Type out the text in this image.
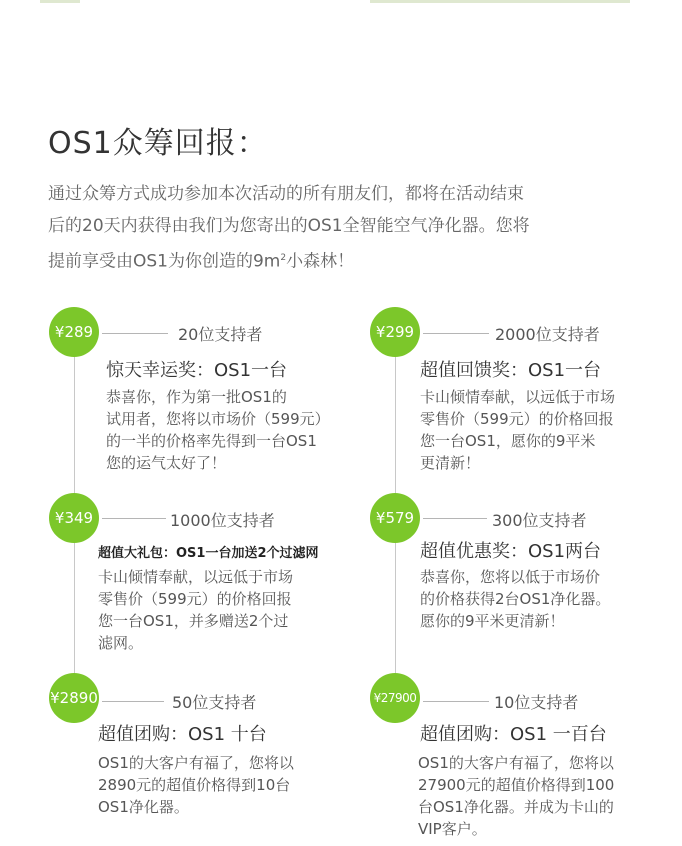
OS1众筹回报：
通过众筹方式成功参加本次活动的所有朋友们，都将在活动结束
后的20天内获得由我们为您寄出的OS1全智能空气净化器。您将
提前享受由OS1为你创造的$9m^2$小森林！
¥289	20位支持者
惊天幸运奖：OS1一台
恭喜你，作为第一批OS1的
试用者，您将以市场价（599元）
的一半的价格率先得到一台OS1
您的运气太好了！
¥299	2000位支持者
超值回馈奖：OS1一台
卡山倾情奉献，以远低于市场
零售价（599元）的价格回报
您一台OS1，愿你的9平米
更清新！
¥349	1000位支持者
超值大礼包：OS1一台加送2个过滤网
卡山倾情奉献，以远低于市场
零售价（599元）的价格回报
您一台OS1，并多赠送2个过
滤网。
¥579	300位支持者
超值优惠奖：OS1两台
恭喜你，您将以低于市场价
的价格获得2台OS1净化器。
愿你的9平米更清新！
¥2890	50位支持者
超值团购：OS1 十台
OS1的大客户有福了，您将以
2890元的超值价格得到10台
OS1净化器。
¥27900	10位支持者
超值团购：OS1 一百台
OS1的大客户有福了，您将以
27900元的超值价格得到100
台OS1净化器。并成为卡山的
VIP客户。
